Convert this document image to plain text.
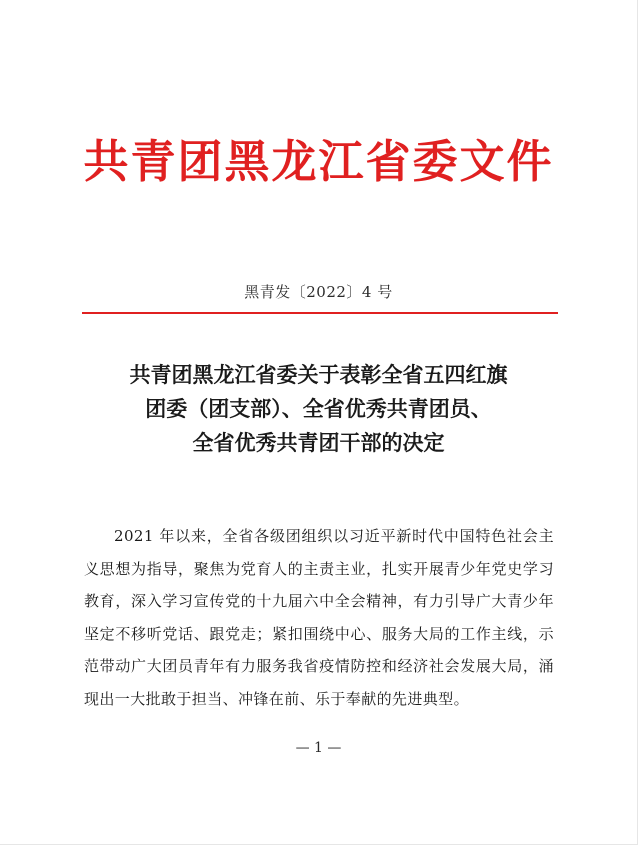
共青团黑龙江省委文件
黑青发〔2022〕4 号
共青团黑龙江省委关于表彰全省五四红旗
团委（团支部）、全省优秀共青团员、
全省优秀共青团干部的决定

2021 年以来，全省各级团组织以习近平新时代中国特色社会主义思想为指导，聚焦为党育人的主责主业，扎实开展青少年党史学习教育，深入学习宣传党的十九届六中全会精神，有力引导广大青少年坚定不移听党话、跟党走；紧扣围绕中心、服务大局的工作主线，示范带动广大团员青年有力服务我省疫情防控和经济社会发展大局，涌现出一大批敢于担当、冲锋在前、乐于奉献的先进典型。

— 1 —
